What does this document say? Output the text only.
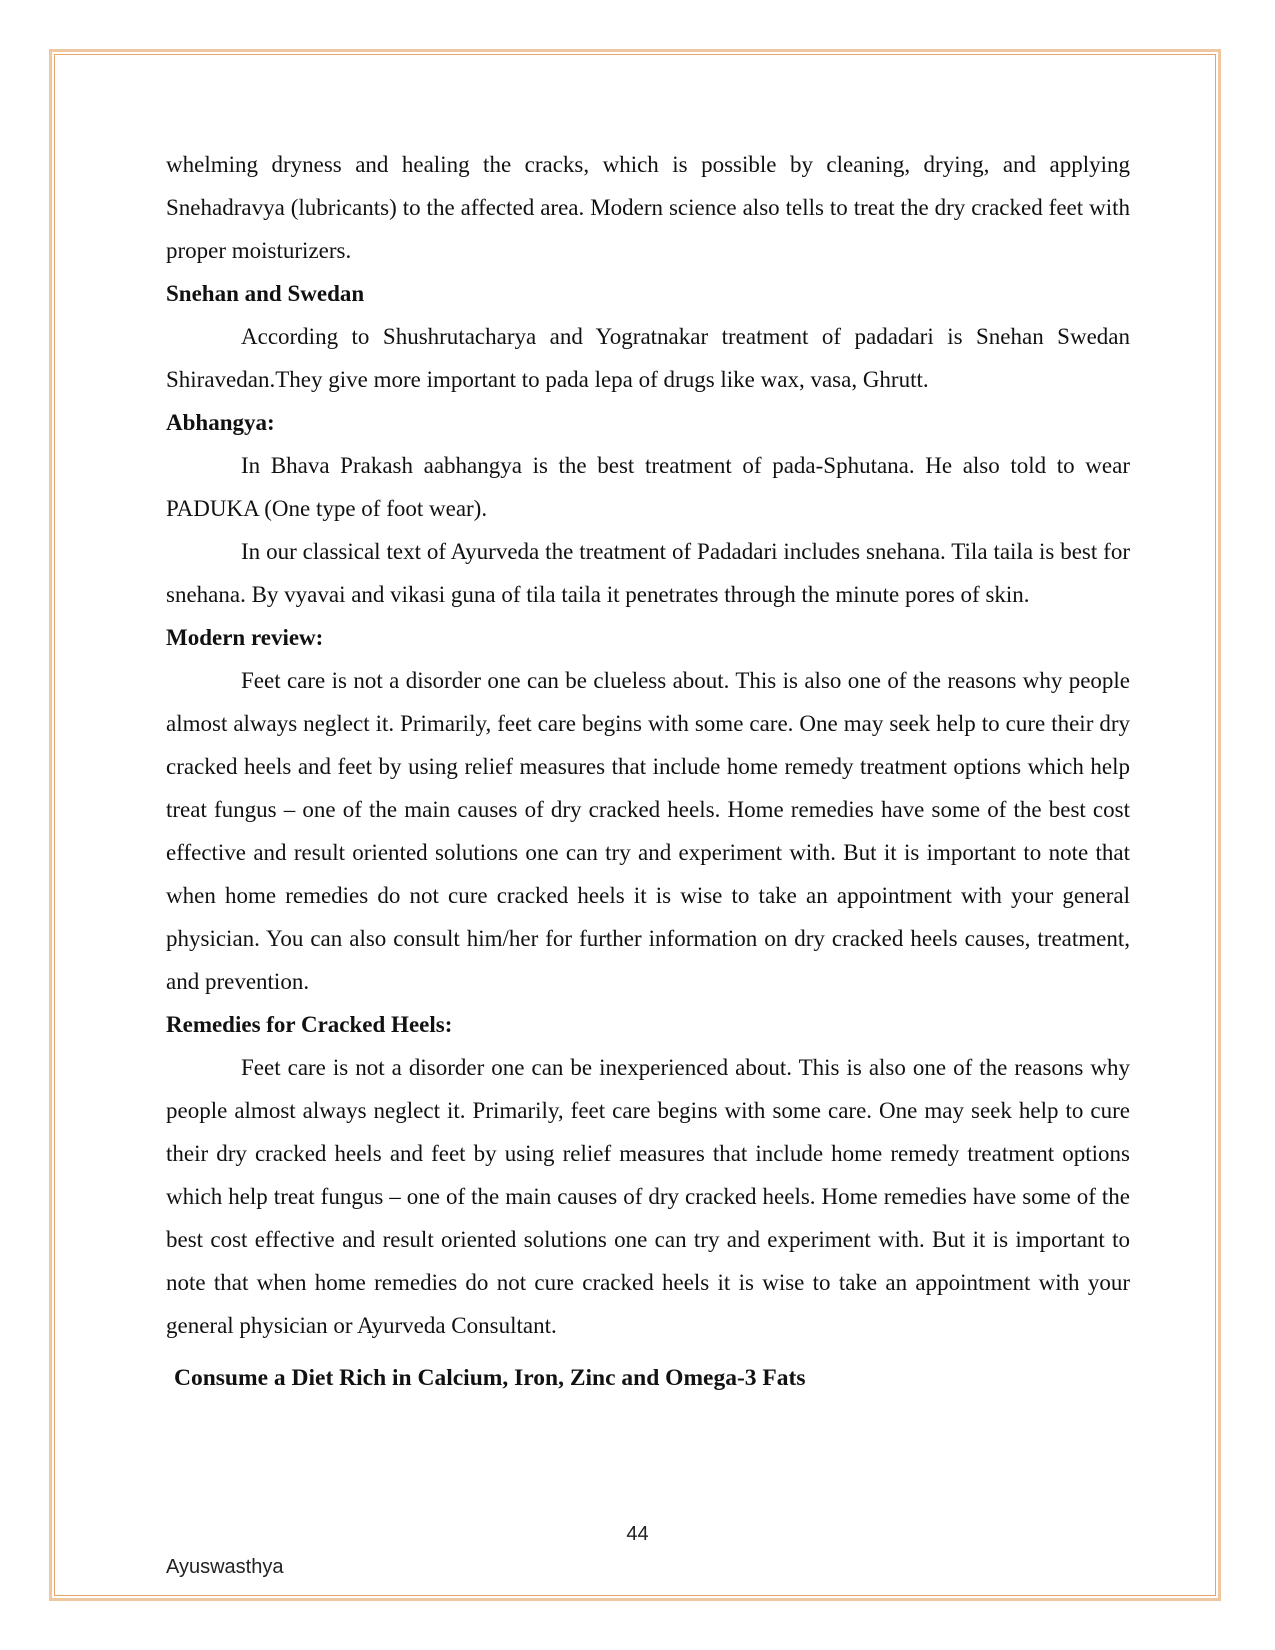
whelming dryness and healing the cracks, which is possible by cleaning, drying, and applying Snehadravya (lubricants) to the affected area. Modern science also tells to treat the dry cracked feet with proper moisturizers.

Snehan and Swedan

According to Shushrutacharya and Yogratnakar treatment of padadari is Snehan Swedan Shiravedan.They give more important to pada lepa of drugs like wax, vasa, Ghrutt.

Abhangya:

In Bhava Prakash aabhangya is the best treatment of pada-Sphutana. He also told to wear PADUKA (One type of foot wear).

In our classical text of Ayurveda the treatment of Padadari includes snehana. Tila taila is best for snehana. By vyavai and vikasi guna of tila taila it penetrates through the minute pores of skin.

Modern review:

Feet care is not a disorder one can be clueless about. This is also one of the reasons why people almost always neglect it. Primarily, feet care begins with some care. One may seek help to cure their dry cracked heels and feet by using relief measures that include home remedy treatment options which help treat fungus – one of the main causes of dry cracked heels. Home remedies have some of the best cost effective and result oriented solutions one can try and experiment with. But it is important to note that when home remedies do not cure cracked heels it is wise to take an appointment with your general physician. You can also consult him/her for further information on dry cracked heels causes, treatment, and prevention.

Remedies for Cracked Heels:

Feet care is not a disorder one can be inexperienced about. This is also one of the reasons why people almost always neglect it. Primarily, feet care begins with some care. One may seek help to cure their dry cracked heels and feet by using relief measures that include home remedy treatment options which help treat fungus – one of the main causes of dry cracked heels. Home remedies have some of the best cost effective and result oriented solutions one can try and experiment with. But it is important to note that when home remedies do not cure cracked heels it is wise to take an appointment with your general physician or Ayurveda Consultant.

Consume a Diet Rich in Calcium, Iron, Zinc and Omega-3 Fats
44
Ayuswasthya
